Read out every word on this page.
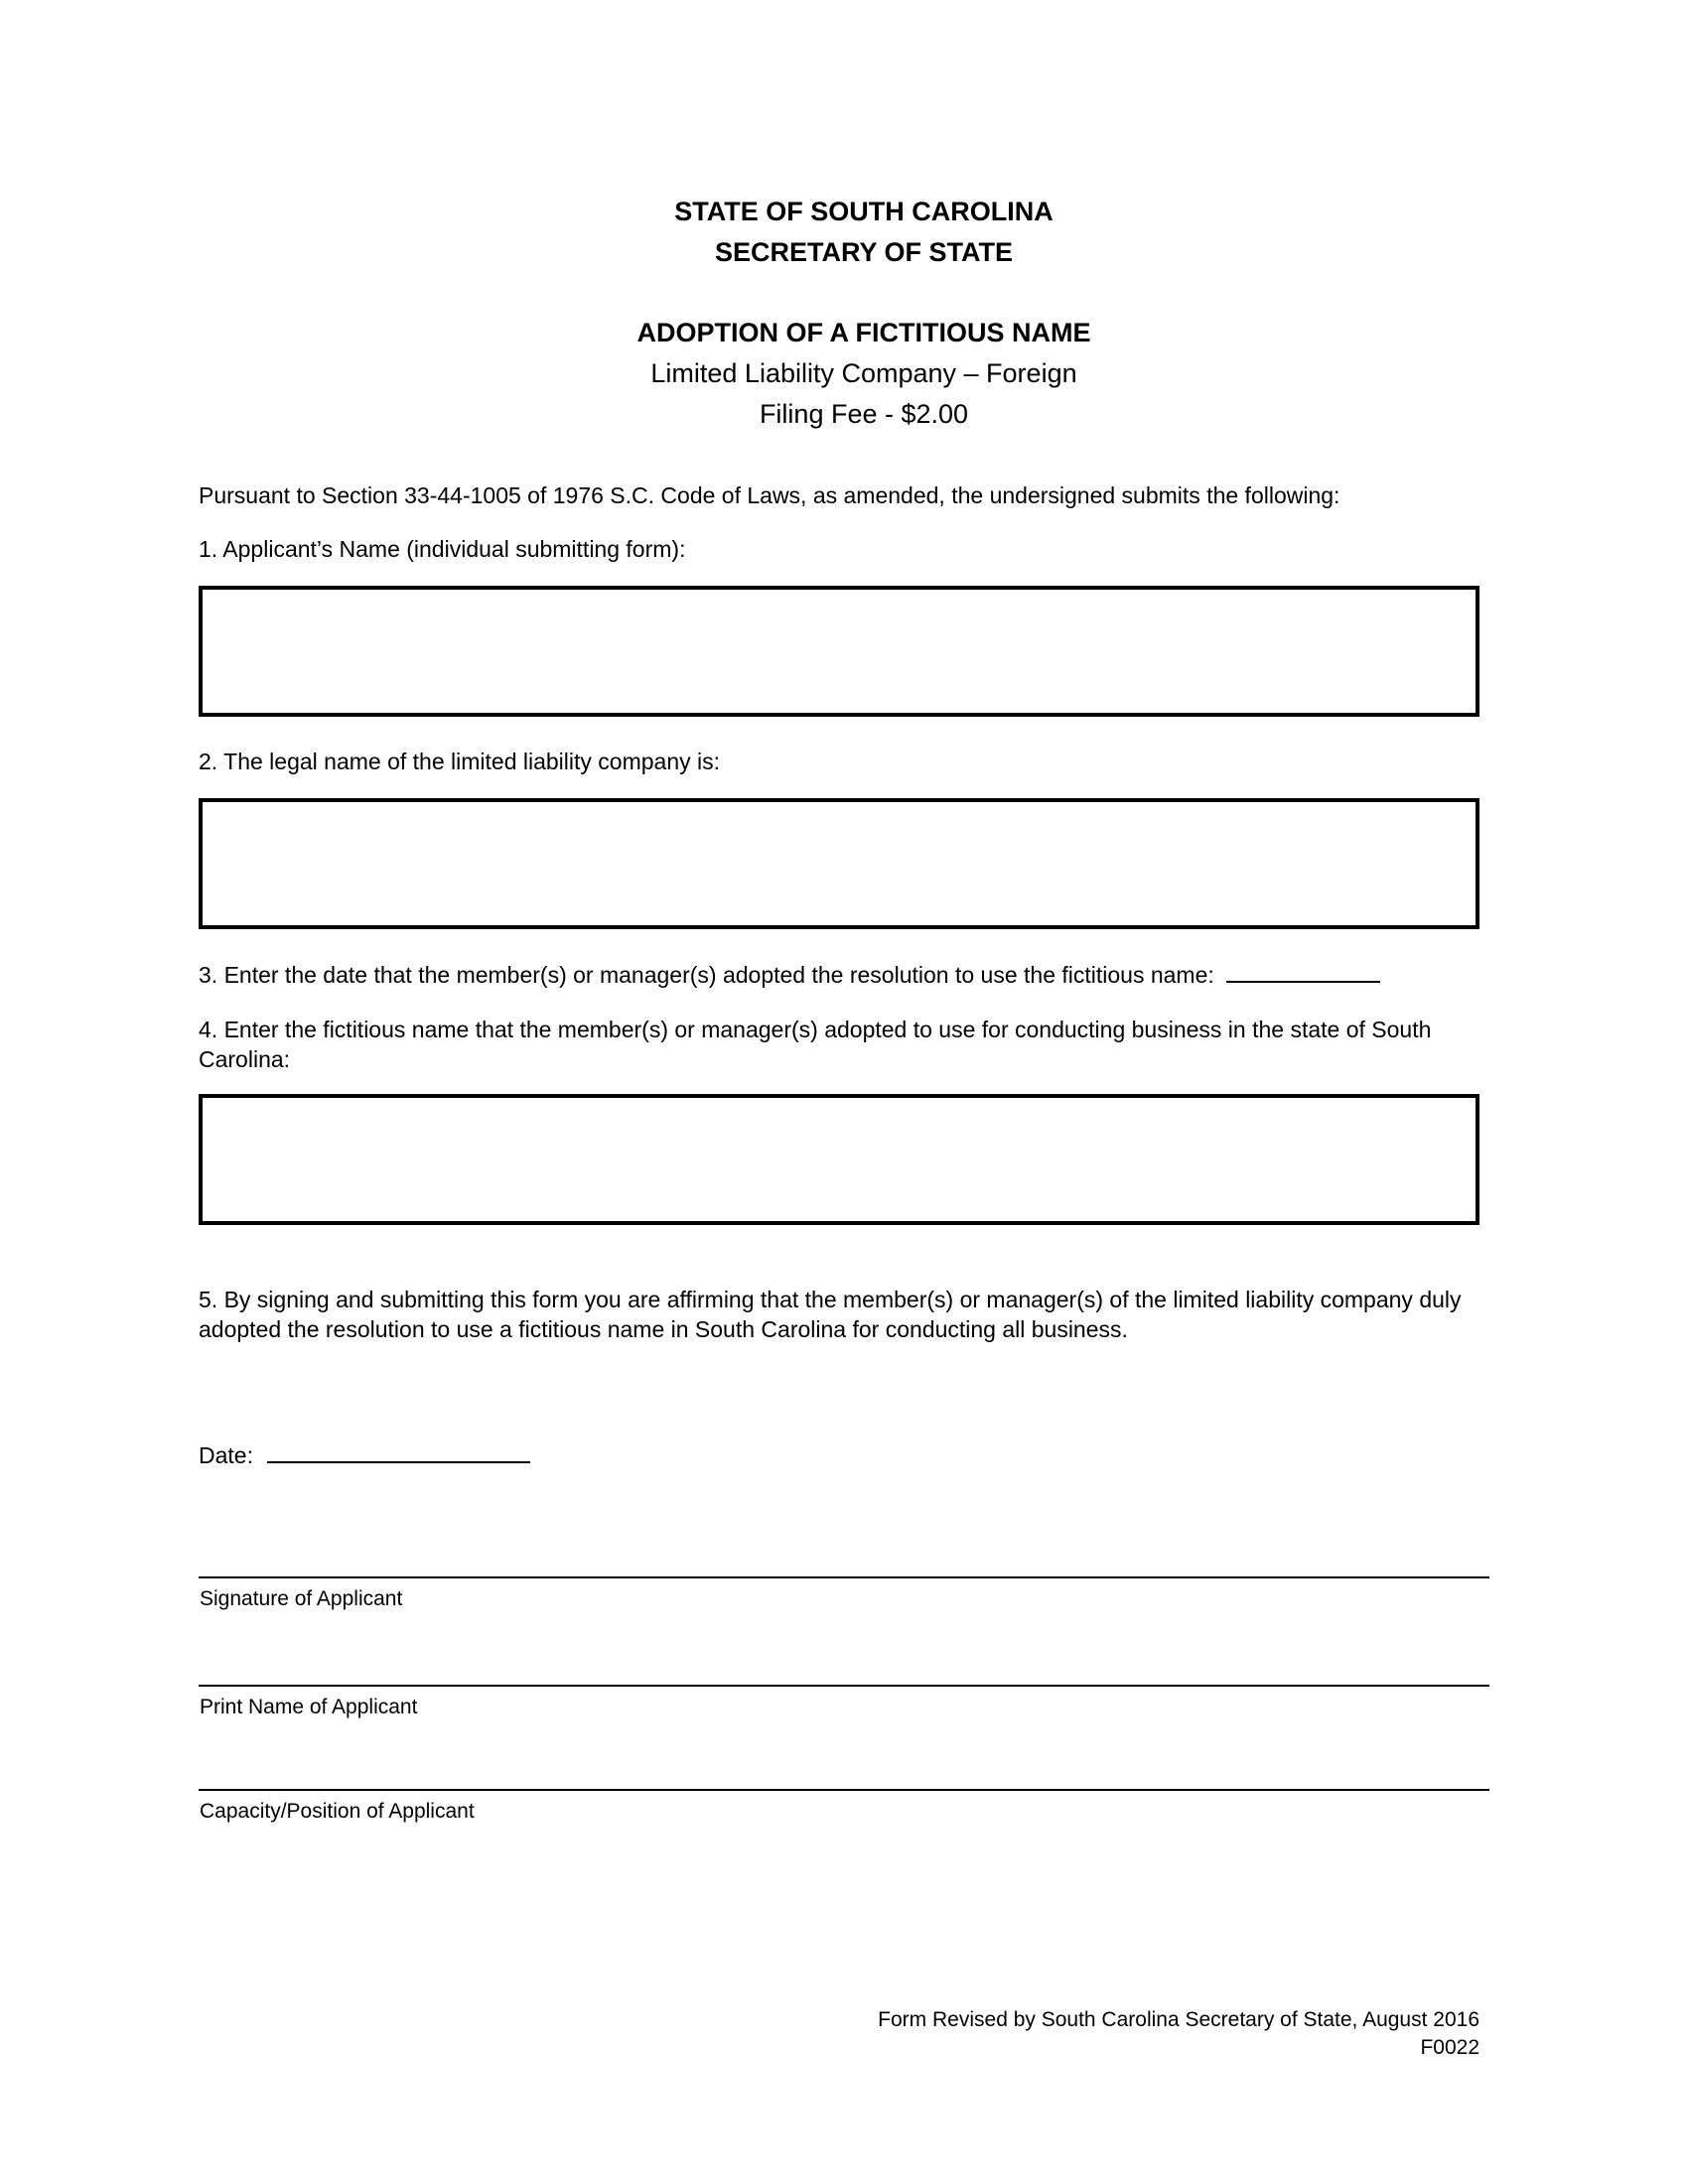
STATE OF SOUTH CAROLINA
SECRETARY OF STATE
ADOPTION OF A FICTITIOUS NAME
Limited Liability Company – Foreign
Filing Fee - $2.00
Pursuant to Section 33-44-1005 of 1976 S.C. Code of Laws, as amended, the undersigned submits the following:
1. Applicant’s Name (individual submitting form):
2. The legal name of the limited liability company is:
3. Enter the date that the member(s) or manager(s) adopted the resolution to use the fictitious name:
4. Enter the fictitious name that the member(s) or manager(s) adopted to use for conducting business in the state of South Carolina:
5. By signing and submitting this form you are affirming that the member(s) or manager(s) of the limited liability company duly adopted the resolution to use a fictitious name in South Carolina for conducting all business.
Date:
Signature of Applicant
Print Name of Applicant
Capacity/Position of Applicant
Form Revised by South Carolina Secretary of State, August 2016
F0022
